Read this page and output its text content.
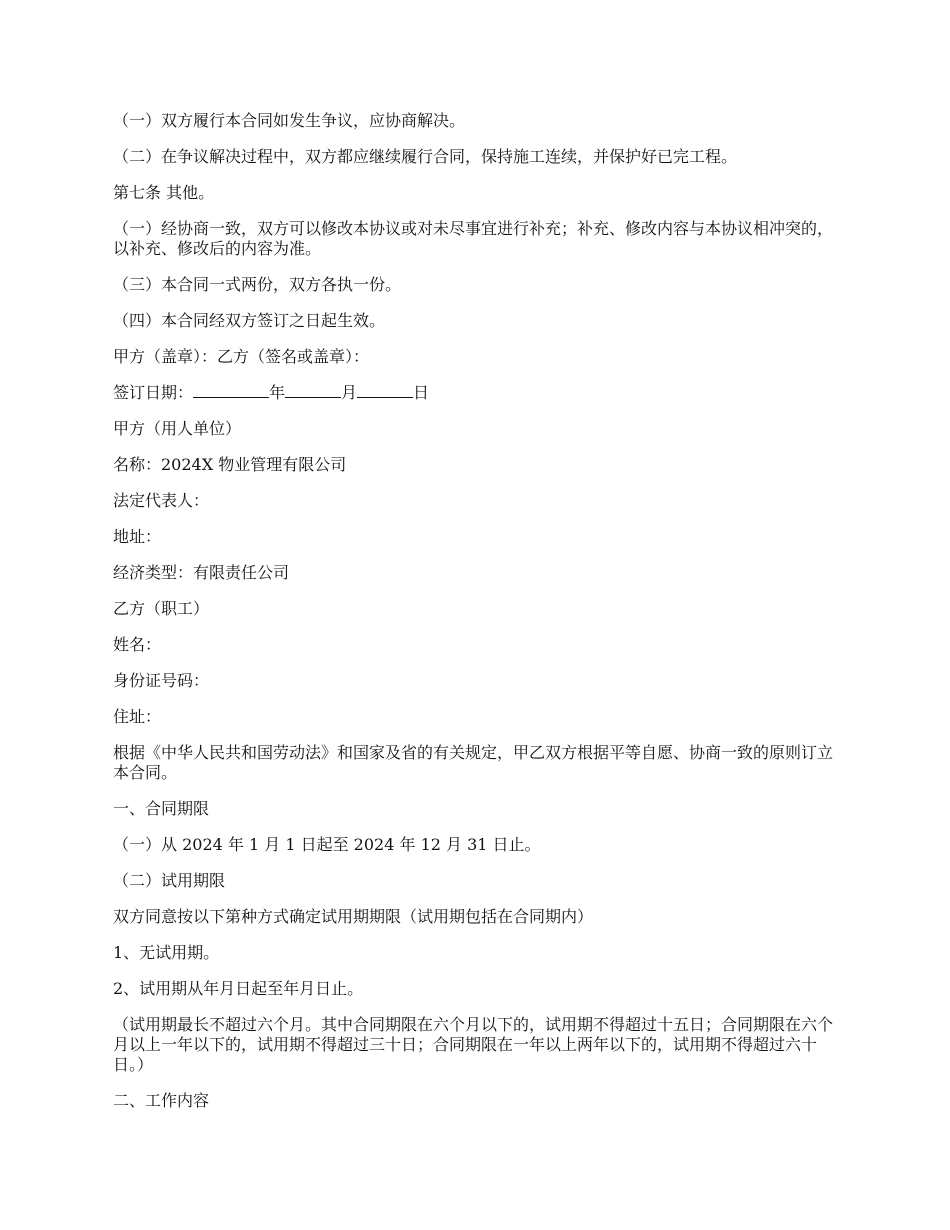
（一）双方履行本合同如发生争议，应协商解决。

（二）在争议解决过程中，双方都应继续履行合同，保持施工连续，并保护好已完工程。

第七条 其他。

（一）经协商一致，双方可以修改本协议或对未尽事宜进行补充；补充、修改内容与本协议相冲突的，以补充、修改后的内容为准。

（三）本合同一式两份，双方各执一份。

（四）本合同经双方签订之日起生效。

甲方（盖章）：乙方（签名或盖章）：

签订日期：	年	月	日

甲方（用人单位）

名称：2024X 物业管理有限公司

法定代表人：

地址：

经济类型：有限责任公司

乙方（职工）

姓名：

身份证号码：

住址：

根据《中华人民共和国劳动法》和国家及省的有关规定，甲乙双方根据平等自愿、协商一致的原则订立本合同。

一、合同期限

（一）从 2024 年 1 月 1 日起至 2024 年 12 月 31 日止。

（二）试用期限

双方同意按以下第种方式确定试用期期限（试用期包括在合同期内）

1、无试用期。

2、试用期从年月日起至年月日止。

（试用期最长不超过六个月。其中合同期限在六个月以下的，试用期不得超过十五日；合同期限在六个月以上一年以下的，试用期不得超过三十日；合同期限在一年以上两年以下的，试用期不得超过六十日。）

二、工作内容
